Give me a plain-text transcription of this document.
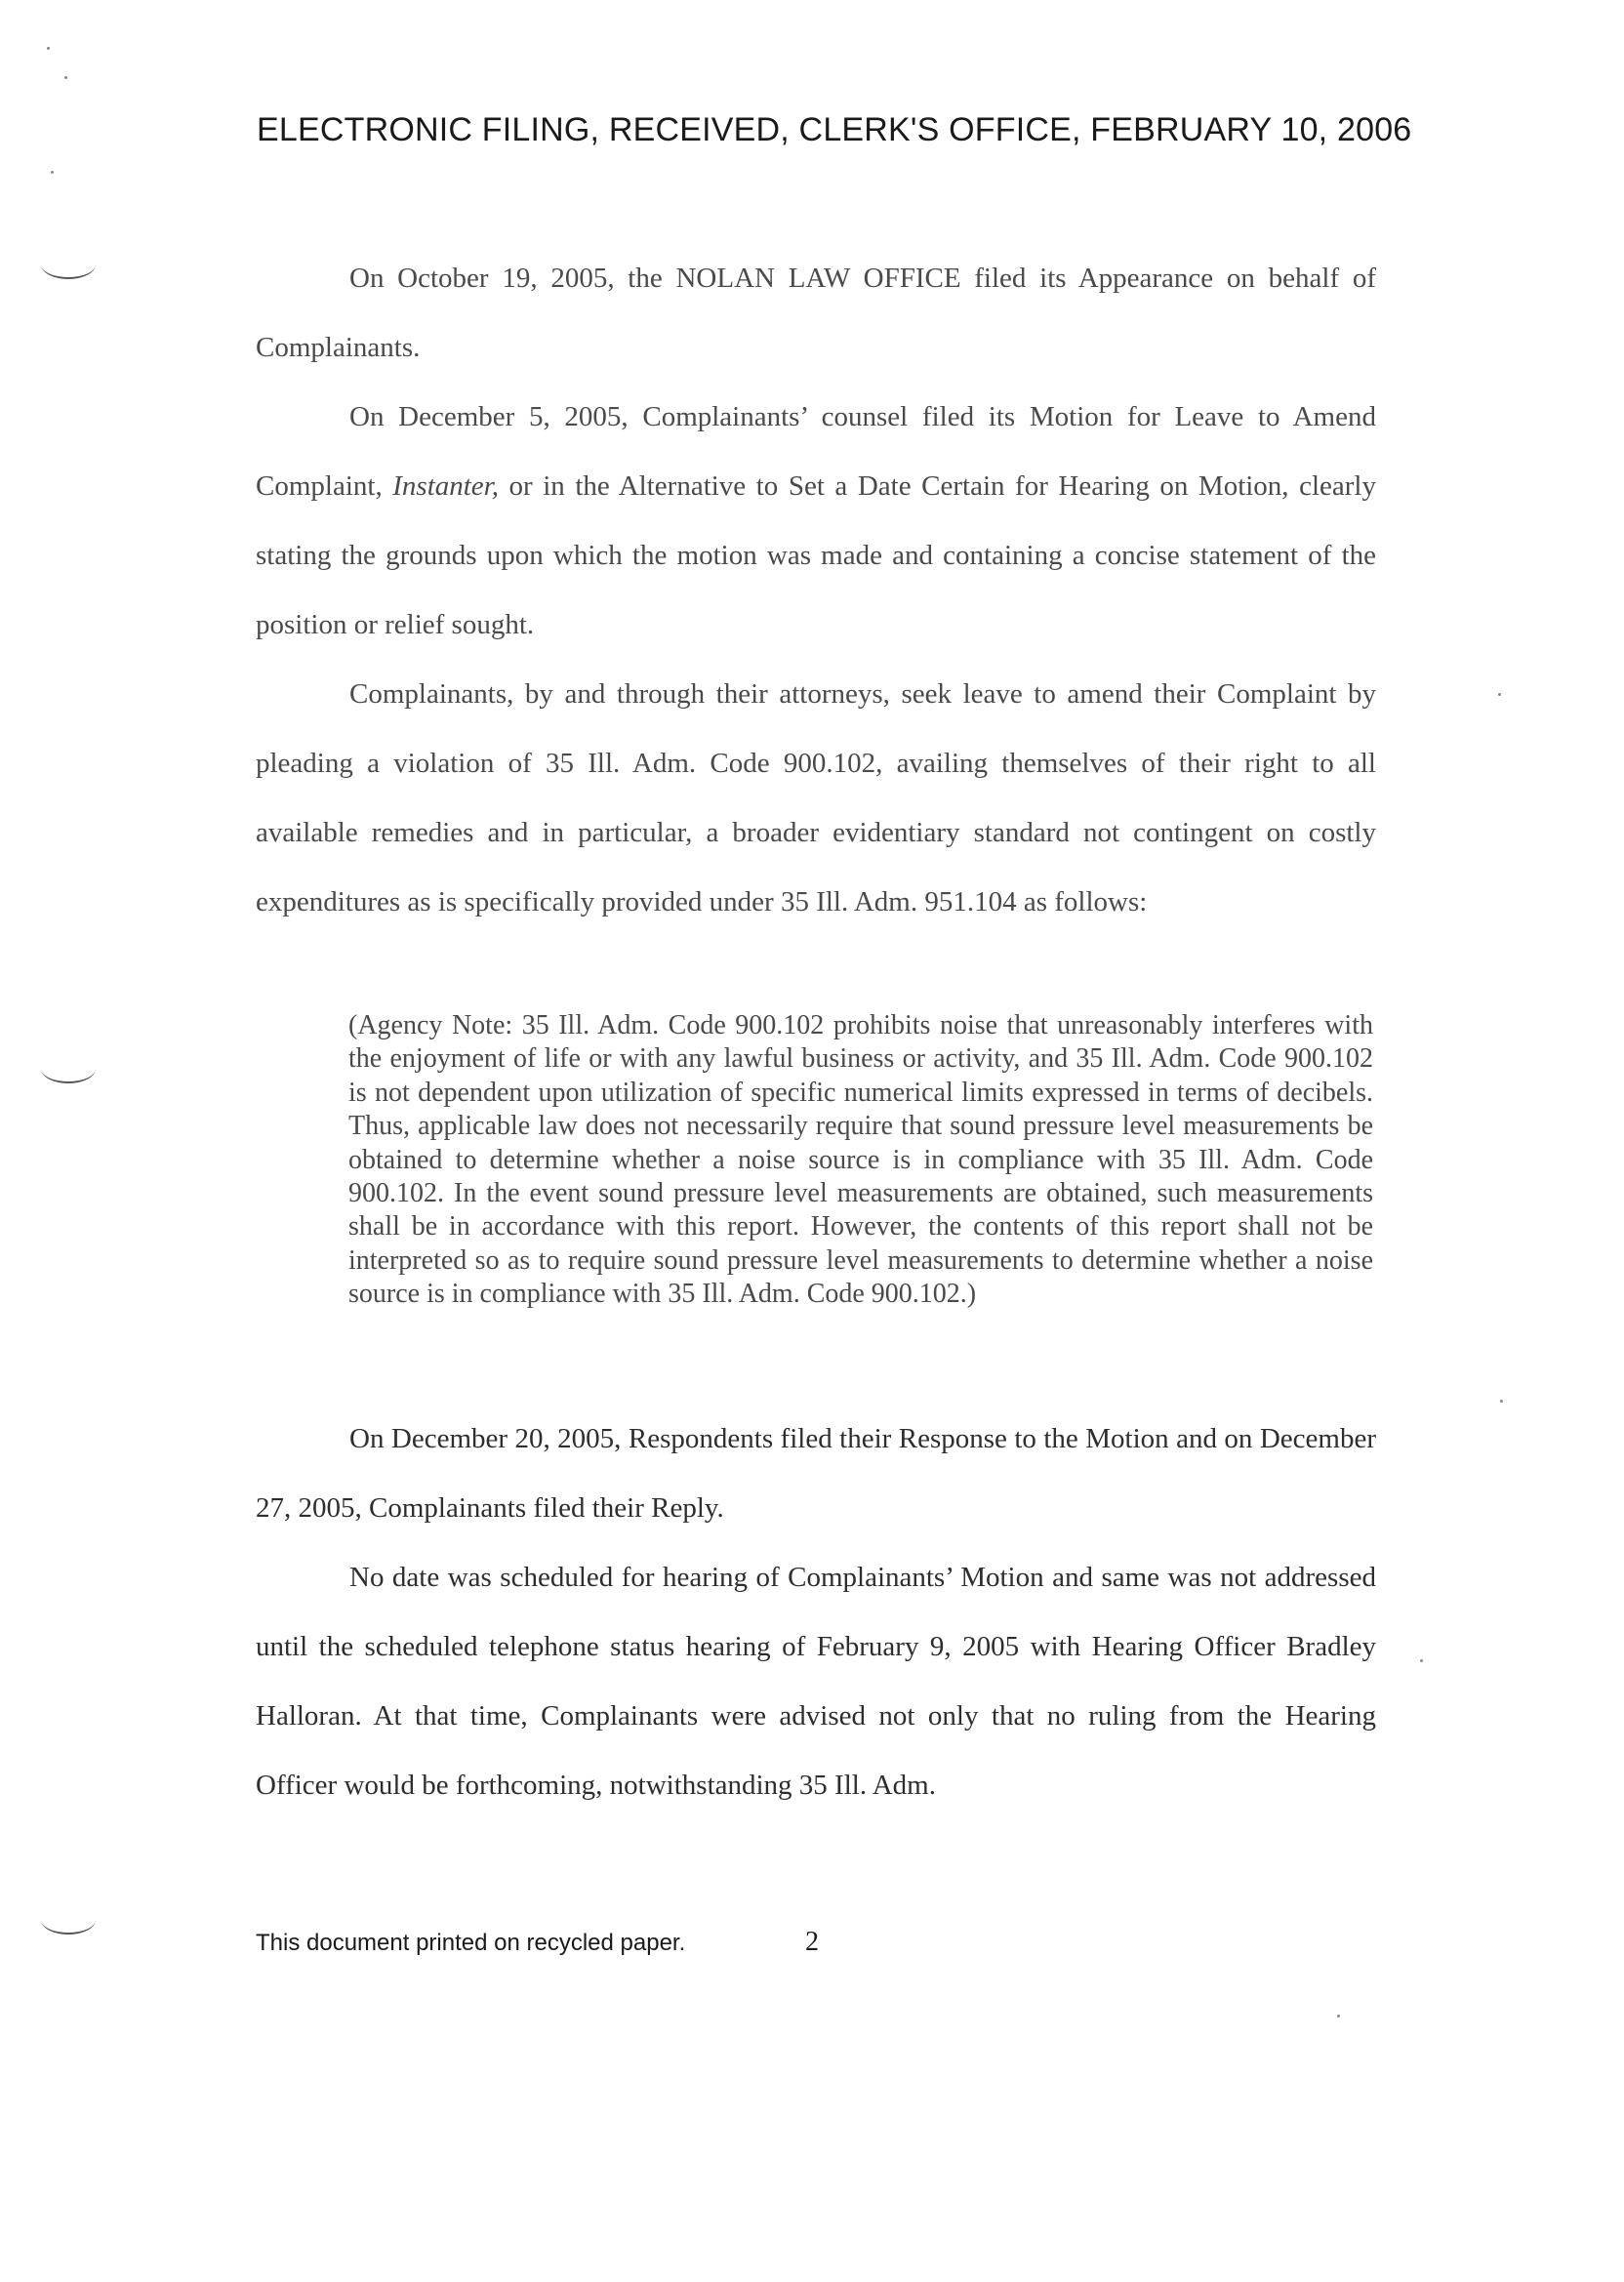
ELECTRONIC FILING, RECEIVED, CLERK'S OFFICE, FEBRUARY 10, 2006

On October 19, 2005, the NOLAN LAW OFFICE filed its Appearance on behalf of Complainants.

On December 5, 2005, Complainants’ counsel filed its Motion for Leave to Amend Complaint, Instanter, or in the Alternative to Set a Date Certain for Hearing on Motion, clearly stating the grounds upon which the motion was made and containing a concise statement of the position or relief sought.

Complainants, by and through their attorneys, seek leave to amend their Complaint by pleading a violation of 35 Ill. Adm. Code 900.102, availing themselves of their right to all available remedies and in particular, a broader evidentiary standard not contingent on costly expenditures as is specifically provided under 35 Ill. Adm. 951.104 as follows:

(Agency Note: 35 Ill. Adm. Code 900.102 prohibits noise that unreasonably interferes with the enjoyment of life or with any lawful business or activity, and 35 Ill. Adm. Code 900.102 is not dependent upon utilization of specific numerical limits expressed in terms of decibels. Thus, applicable law does not necessarily require that sound pressure level measurements be obtained to determine whether a noise source is in compliance with 35 Ill. Adm. Code 900.102. In the event sound pressure level measurements are obtained, such measurements shall be in accordance with this report. However, the contents of this report shall not be interpreted so as to require sound pressure level measurements to determine whether a noise source is in compliance with 35 Ill. Adm. Code 900.102.)

On December 20, 2005, Respondents filed their Response to the Motion and on December 27, 2005, Complainants filed their Reply.

No date was scheduled for hearing of Complainants’ Motion and same was not addressed until the scheduled telephone status hearing of February 9, 2005 with Hearing Officer Bradley Halloran. At that time, Complainants were advised not only that no ruling from the Hearing Officer would be forthcoming, notwithstanding 35 Ill. Adm.

This document printed on recycled paper.	2
